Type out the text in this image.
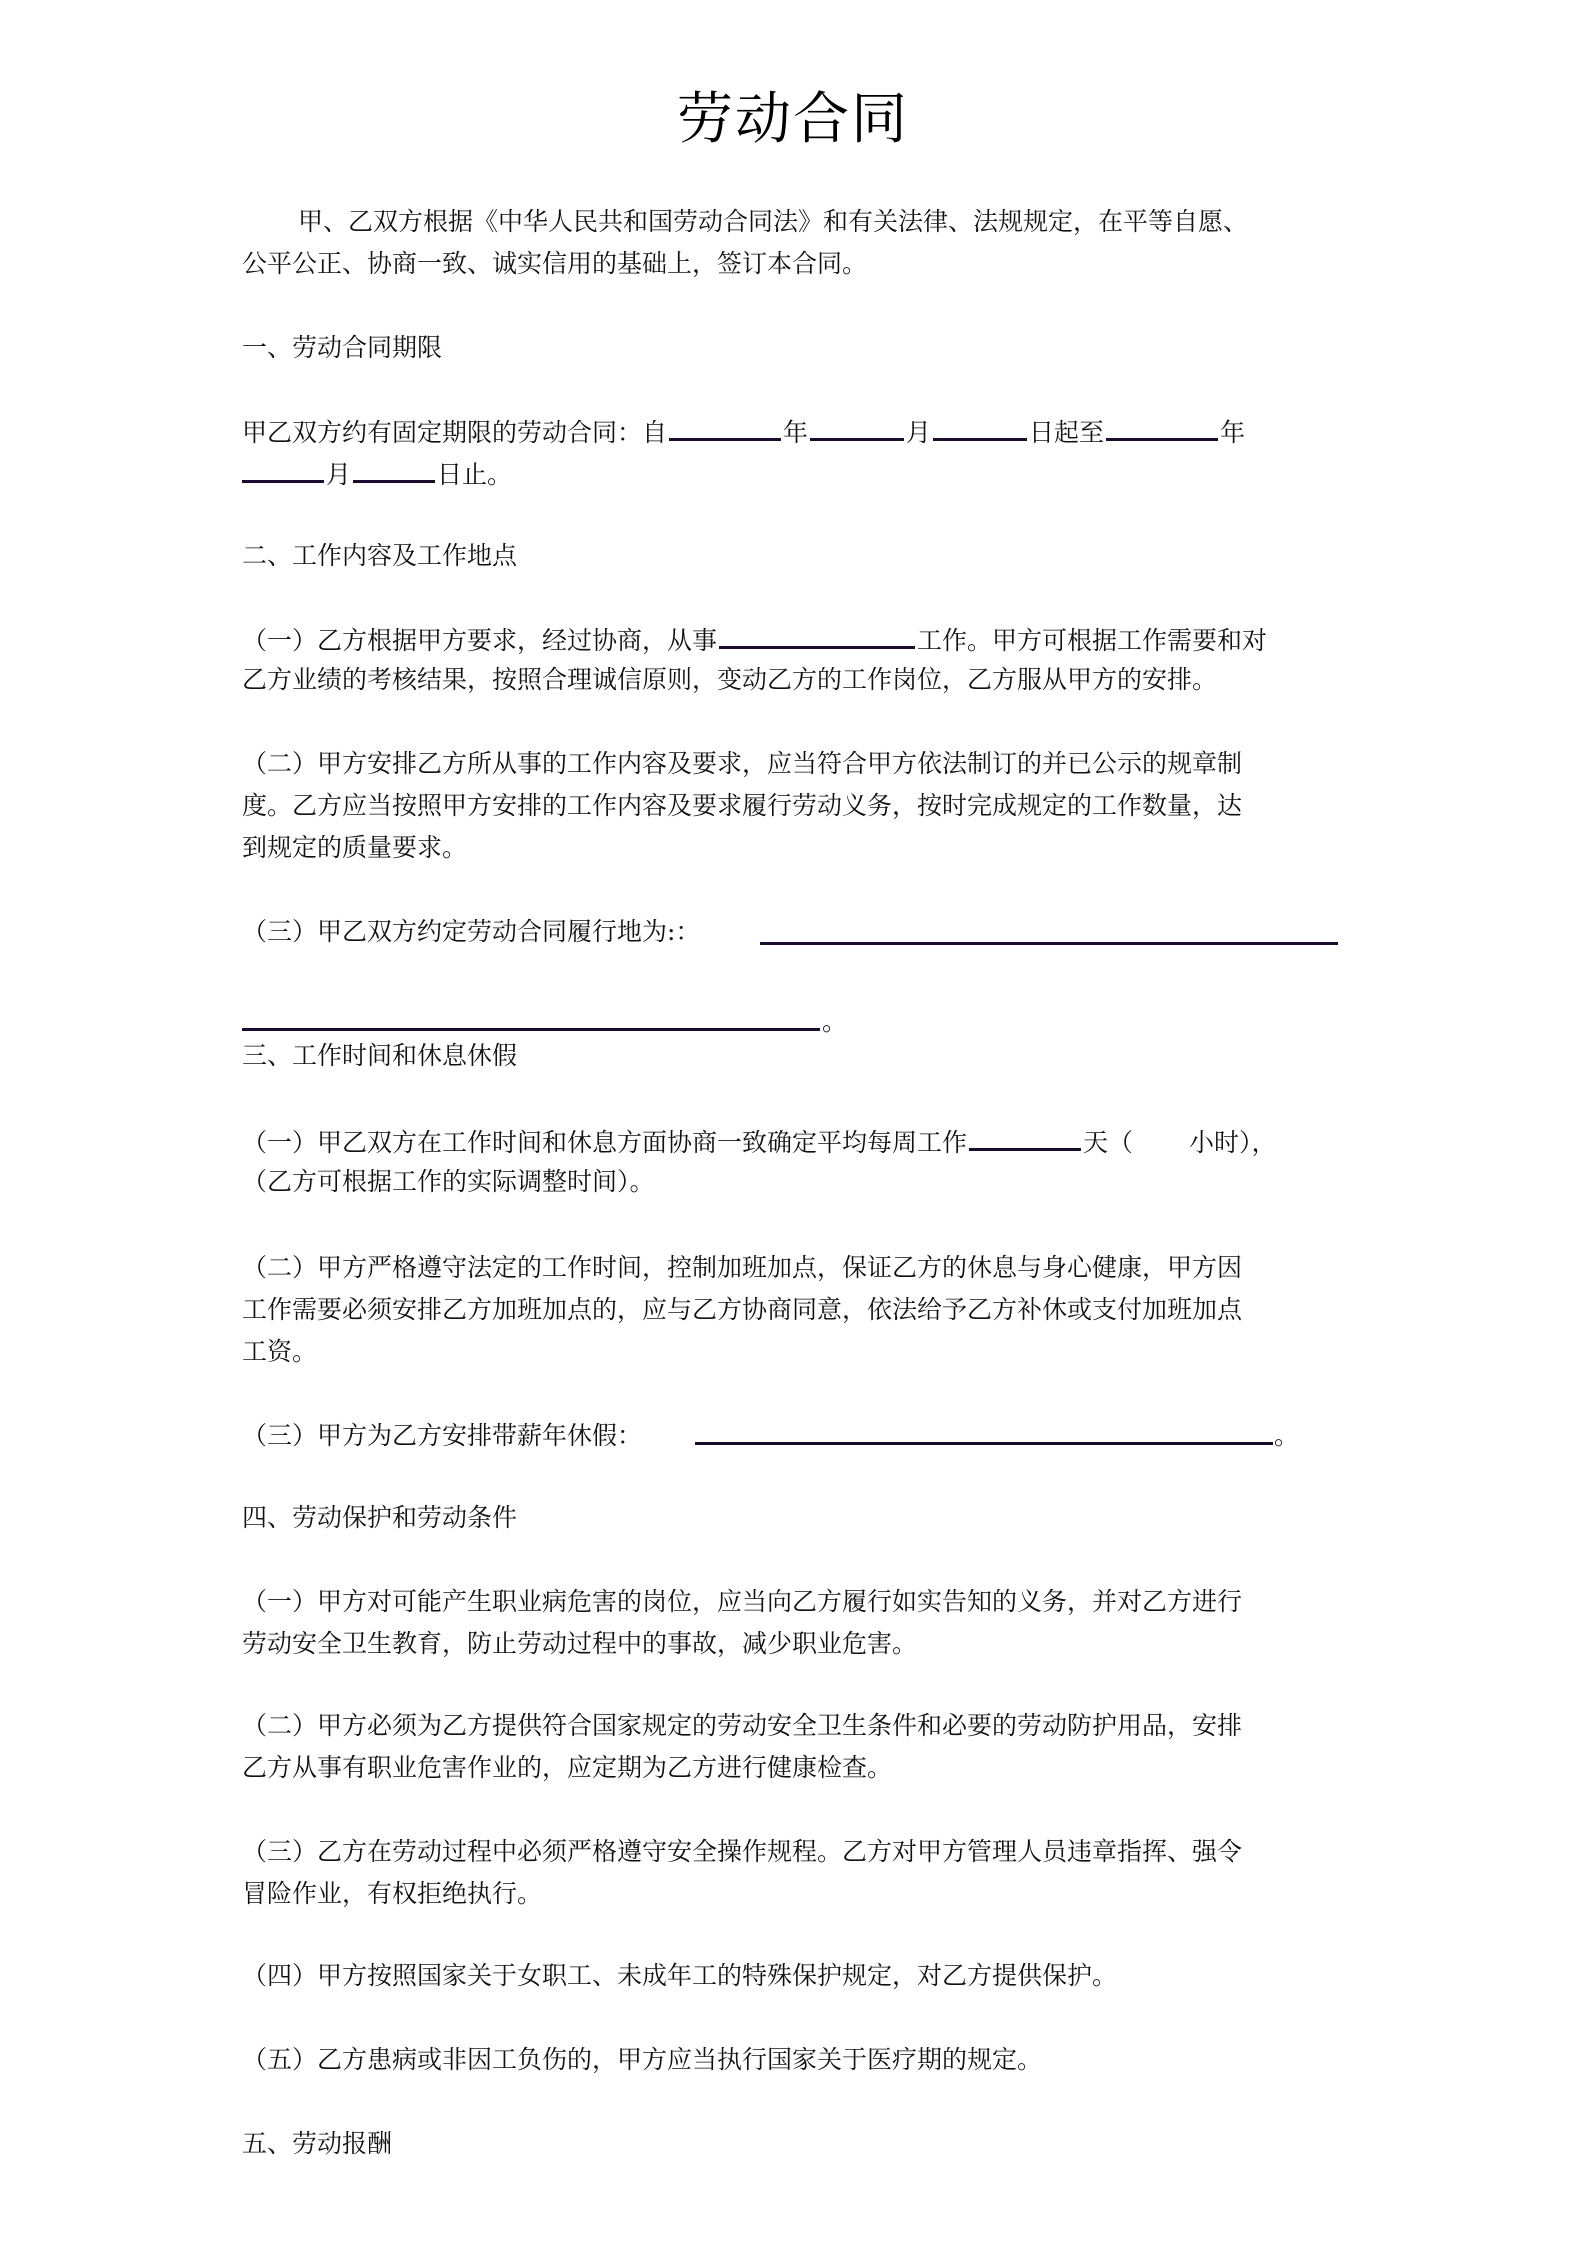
劳动合同
甲、乙双方根据《中华人民共和国劳动合同法》和有关法律、法规规定，在平等自愿、
公平公正、协商一致、诚实信用的基础上，签订本合同。
一、劳动合同期限
甲乙双方约有固定期限的劳动合同：自	年	月	日起至	年
月	日止。
二、工作内容及工作地点
（一）乙方根据甲方要求，经过协商，从事	工作。甲方可根据工作需要和对
乙方业绩的考核结果，按照合理诚信原则，变动乙方的工作岗位，乙方服从甲方的安排。
（二）甲方安排乙方所从事的工作内容及要求，应当符合甲方依法制订的并已公示的规章制
度。乙方应当按照甲方安排的工作内容及要求履行劳动义务，按时完成规定的工作数量，达
到规定的质量要求。
（三）甲乙双方约定劳动合同履行地为:：
。
三、工作时间和休息休假
（一）甲乙双方在工作时间和休息方面协商一致确定平均每周工作	天（ 小时），
（乙方可根据工作的实际调整时间）。
（二）甲方严格遵守法定的工作时间，控制加班加点，保证乙方的休息与身心健康，甲方因
工作需要必须安排乙方加班加点的，应与乙方协商同意，依法给予乙方补休或支付加班加点
工资。
（三）甲方为乙方安排带薪年休假：	。
四、劳动保护和劳动条件
（一）甲方对可能产生职业病危害的岗位，应当向乙方履行如实告知的义务，并对乙方进行
劳动安全卫生教育，防止劳动过程中的事故，减少职业危害。
（二）甲方必须为乙方提供符合国家规定的劳动安全卫生条件和必要的劳动防护用品，安排
乙方从事有职业危害作业的，应定期为乙方进行健康检查。
（三）乙方在劳动过程中必须严格遵守安全操作规程。乙方对甲方管理人员违章指挥、强令
冒险作业，有权拒绝执行。
（四）甲方按照国家关于女职工、未成年工的特殊保护规定，对乙方提供保护。
（五）乙方患病或非因工负伤的，甲方应当执行国家关于医疗期的规定。
五、劳动报酬
